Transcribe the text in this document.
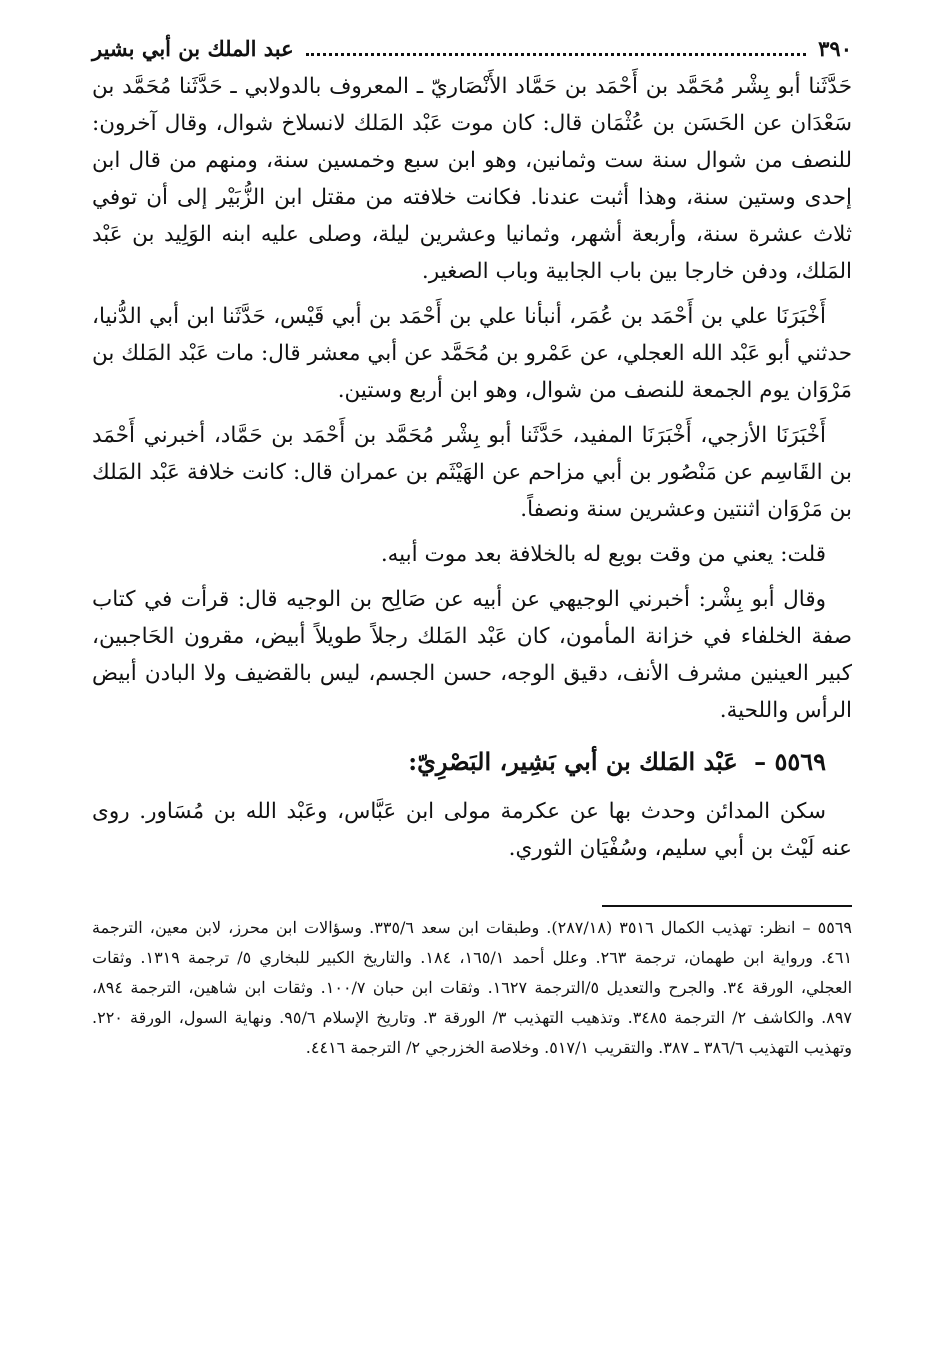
٣٩٠
عبد الملك بن أبي بشير

حَدَّثَنا أبو بِشْر مُحَمَّد بن أَحْمَد بن حَمَّاد الأَنْصَاريّ ـ المعروف بالدولابي ـ حَدَّثَنا مُحَمَّد بن سَعْدَان عن الحَسَن بن عُثْمَان قال: كان موت عَبْد المَلك لانسلاخ شوال، وقال آخرون: للنصف من شوال سنة ست وثمانين، وهو ابن سبع وخمسين سنة، ومنهم من قال ابن إحدى وستين سنة، وهذا أثبت عندنا. فكانت خلافته من مقتل ابن الزُّبَيْر إلى أن توفي ثلاث عشرة سنة، وأربعة أشهر، وثمانيا وعشرين ليلة، وصلى عليه ابنه الوَلِيد بن عَبْد المَلك، ودفن خارجا بين باب الجابية وباب الصغير.

أَخْبَرَنَا علي بن أَحْمَد بن عُمَر، أنبأنا علي بن أَحْمَد بن أبي قَيْس، حَدَّثَنا ابن أبي الدُّنيا، حدثني أبو عَبْد الله العجلي، عن عَمْرو بن مُحَمَّد عن أبي معشر قال: مات عَبْد المَلك بن مَرْوَان يوم الجمعة للنصف من شوال، وهو ابن أربع وستين.

أَخْبَرَنَا الأزجي، أَخْبَرَنَا المفيد، حَدَّثَنا أبو بِشْر مُحَمَّد بن أَحْمَد بن حَمَّاد، أخبرني أَحْمَد بن القَاسِم عن مَنْصُور بن أبي مزاحم عن الهَيْثَم بن عمران قال: كانت خلافة عَبْد المَلك بن مَرْوَان اثنتين وعشرين سنة ونصفاً.

قلت: يعني من وقت بويع له بالخلافة بعد موت أبيه.

وقال أبو بِشْر: أخبرني الوجيهي عن أبيه عن صَالِح بن الوجيه قال: قرأت في كتاب صفة الخلفاء في خزانة المأمون، كان عَبْد المَلك رجلاً طويلاً أبيض، مقرون الحَاجبين، كبير العينين مشرف الأنف، دقيق الوجه، حسن الجسم، ليس بالقضيف ولا البادن أبيض الرأس واللحية.

٥٥٦٩ – عَبْد المَلك بن أبي بَشِير، البَصْرِيّ:

سكن المدائن وحدث بها عن عكرمة مولى ابن عَبَّاس، وعَبْد الله بن مُسَاور. روى عنه لَيْث بن أبي سليم، وسُفْيَان الثوري.

٥٥٦٩ – انظر: تهذيب الكمال ٣٥١٦ (٢٨٧/١٨). وطبقات ابن سعد ٣٣٥/٦. وسؤالات ابن محرز، لابن معين، الترجمة ٤٦١. ورواية ابن طهمان، ترجمة ٢٦٣. وعلل أحمد ١٦٥/١، ١٨٤. والتاريخ الكبير للبخاري ٥/ ترجمة ١٣١٩. وثقات العجلي، الورقة ٣٤. والجرح والتعديل ٥/الترجمة ١٦٢٧. وثقات ابن حبان ١٠٠/٧. وثقات ابن شاهين، الترجمة ٨٩٤، ٨٩٧. والكاشف ٢/ الترجمة ٣٤٨٥. وتذهيب التهذيب ٣/ الورقة ٣. وتاريخ الإسلام ٩٥/٦. ونهاية السول، الورقة ٢٢٠. وتهذيب التهذيب ٣٨٦/٦ ـ ٣٨٧. والتقريب ٥١٧/١. وخلاصة الخزرجي ٢/ الترجمة ٤٤١٦.
